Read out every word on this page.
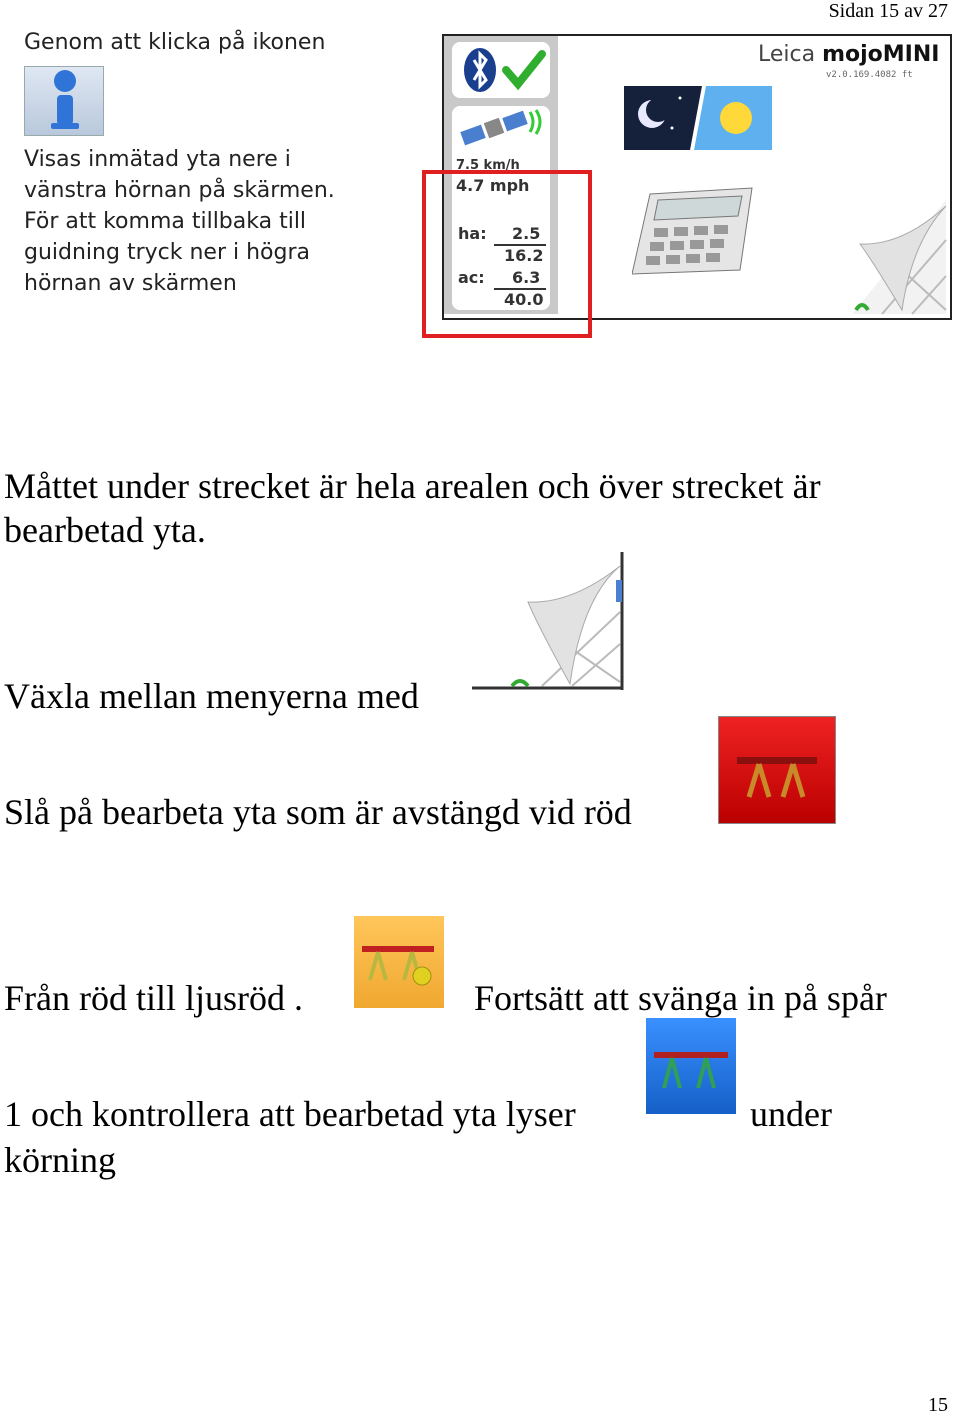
Sidan 15 av 27
Genom att klicka på ikonen
Visas inmätad yta nere i
vänstra hörnan på skärmen.
För att komma tillbaka till
guidning tryck ner i högra
hörnan av skärmen
7.5 km/h
4.7 mph
ha: 2.5
16.2
ac: 6.3
40.0
Leica mojoMINI
v2.0.169.4082 ft
Måttet under strecket är hela arealen och över strecket är
bearbetad yta.
Växla mellan menyerna med
Slå på bearbeta yta som är avstängd vid röd
Från röd till ljusröd .	Fortsätt att svänga in på spår
1 och kontrollera att bearbetad yta lyser	under
körning
15
